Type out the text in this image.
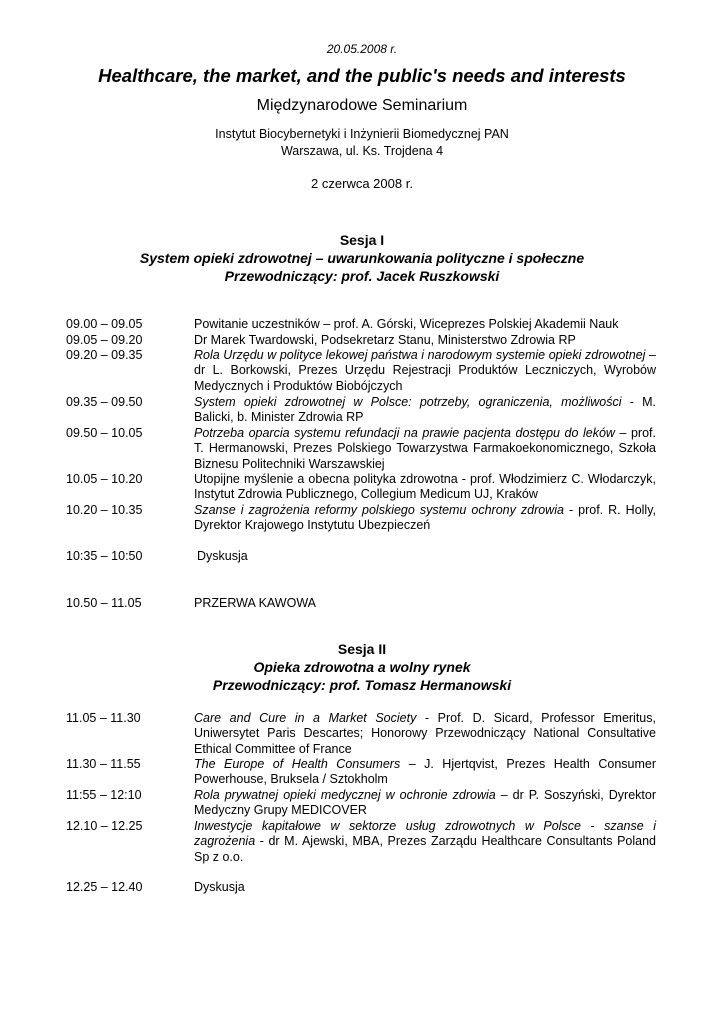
20.05.2008 r.
Healthcare, the market, and the public's needs and interests
Międzynarodowe Seminarium
Instytut Biocybernetyki i Inżynierii Biomedycznej PAN
Warszawa, ul. Ks. Trojdena 4
2 czerwca 2008 r.
Sesja I
System opieki zdrowotnej – uwarunkowania polityczne i społeczne
Przewodniczący: prof. Jacek Ruszkowski
09.00 – 09.05	Powitanie uczestników – prof. A. Górski, Wiceprezes Polskiej Akademii Nauk
09.05 – 09.20	Dr Marek Twardowski, Podsekretarz Stanu, Ministerstwo Zdrowia RP
09.20 – 09.35	Rola Urzędu w polityce lekowej państwa i narodowym systemie opieki zdrowotnej – dr L. Borkowski, Prezes Urzędu Rejestracji Produktów Leczniczych, Wyrobów Medycznych i Produktów Biobójczych
09.35 – 09.50	System opieki zdrowotnej w Polsce: potrzeby, ograniczenia, możliwości - M. Balicki, b. Minister Zdrowia RP
09.50 – 10.05	Potrzeba oparcia systemu refundacji na prawie pacjenta dostępu do leków – prof. T. Hermanowski, Prezes Polskiego Towarzystwa Farmakoekonomicznego, Szkoła Biznesu Politechniki Warszawskiej
10.05 – 10.20	Utopijne myślenie a obecna polityka zdrowotna - prof. Włodzimierz C. Włodarczyk, Instytut Zdrowia Publicznego, Collegium Medicum UJ, Kraków
10.20 – 10.35	Szanse i zagrożenia reformy polskiego systemu ochrony zdrowia - prof. R. Holly, Dyrektor Krajowego Instytutu Ubezpieczeń
10:35 – 10:50	Dyskusja
10.50 – 11.05	PRZERWA KAWOWA
Sesja II
Opieka zdrowotna a wolny rynek
Przewodniczący: prof. Tomasz Hermanowski
11.05 – 11.30	Care and Cure in a Market Society - Prof. D. Sicard, Professor Emeritus, Uniwersytet Paris Descartes; Honorowy Przewodniczący National Consultative Ethical Committee of France
11.30 – 11.55	The Europe of Health Consumers – J. Hjertqvist, Prezes Health Consumer Powerhouse, Bruksela / Sztokholm
11:55 – 12:10	Rola prywatnej opieki medycznej w ochronie zdrowia – dr P. Soszyński, Dyrektor Medyczny Grupy MEDICOVER
12.10 – 12.25	Inwestycje kapitałowe w sektorze usług zdrowotnych w Polsce - szanse i zagrożenia - dr M. Ajewski, MBA, Prezes Zarządu Healthcare Consultants Poland Sp z o.o.
12.25 – 12.40	Dyskusja
